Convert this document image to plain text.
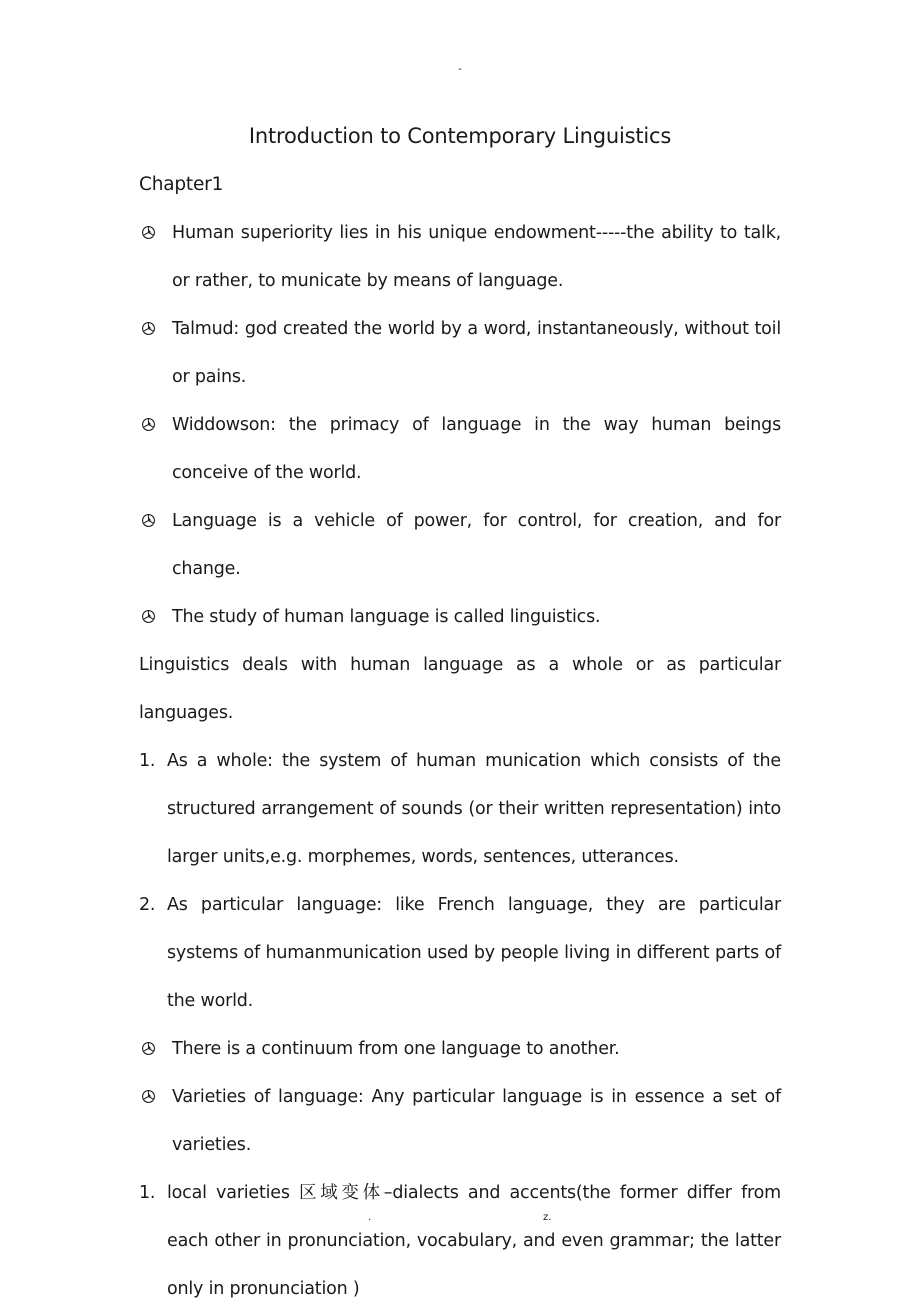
-
Introduction to Contemporary Linguistics

Chapter1

Human superiority lies in his unique endowment-----the ability to talk, or rather, to municate by means of language.

Talmud: god created the world by a word, instantaneously, without toil or pains.

Widdowson: the primacy of language in the way human beings conceive of the world.

Language is a vehicle of power, for control, for creation, and for change.

The study of human language is called linguistics.

Linguistics deals with human language as a whole or as particular languages.

1. As a whole: the system of human munication which consists of the structured arrangement of sounds (or their written representation) into larger units,e.g. morphemes, words, sentences, utterances.

2. As particular language: like French language, they are particular systems of humanmunication used by people living in different parts of the world.

There is a continuum from one language to another.

Varieties of language: Any particular language is in essence a set of varieties.

1. local varieties 区域变体–dialects and accents(the former differ from each other in pronunciation, vocabulary, and even grammar; the latter only in pronunciation )

.	z.
